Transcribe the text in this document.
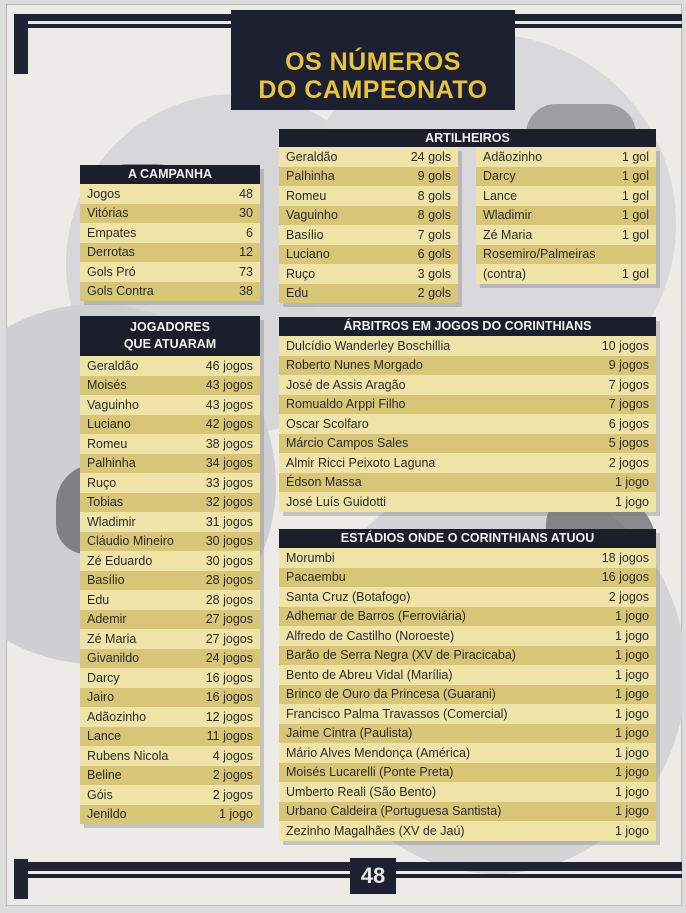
OS NÚMEROS
DO CAMPEONATO
A CAMPANHA
Jogos	48
Vitórias	30
Empates	6
Derrotas	12
Gols Pró	73
Gols Contra	38
ARTILHEIROS
Geraldão	24 gols
Palhinha	9 gols
Romeu	8 gols
Vaguinho	8 gols
Basílio	7 gols
Luciano	6 gols
Ruço	3 gols
Edu	2 gols
Adãozinho	1 gol
Darcy	1 gol
Lance	1 gol
Wladimir	1 gol
Zé Maria	1 gol
Rosemiro/Palmeiras
(contra)	1 gol
JOGADORES
QUE ATUARAM
Geraldão	46 jogos
Moisés	43 jogos
Vaguinho	43 jogos
Luciano	42 jogos
Romeu	38 jogos
Palhinha	34 jogos
Ruço	33 jogos
Tobias	32 jogos
Wladimir	31 jogos
Cláudio Mineiro	30 jogos
Zé Eduardo	30 jogos
Basílio	28 jogos
Edu	28 jogos
Ademir	27 jogos
Zé Maria	27 jogos
Givanildo	24 jogos
Darcy	16 jogos
Jairo	16 jogos
Adãozinho	12 jogos
Lance	11 jogos
Rubens Nicola	4 jogos
Beline	2 jogos
Góis	2 jogos
Jenildo	1 jogo
ÁRBITROS EM JOGOS DO CORINTHIANS
Dulcídio Wanderley Boschillia	10 jogos
Roberto Nunes Morgado	9 jogos
José de Assis Aragão	7 jogos
Romualdo Arppi Filho	7 jogos
Oscar Scolfaro	6 jogos
Márcio Campos Sales	5 jogos
Almir Ricci Peixoto Laguna	2 jogos
Édson Massa	1 jogo
José Luís Guidotti	1 jogo
ESTÁDIOS ONDE O CORINTHIANS ATUOU
Morumbi	18 jogos
Pacaembu	16 jogos
Santa Cruz (Botafogo)	2 jogos
Adhemar de Barros (Ferroviária)	1 jogo
Alfredo de Castilho (Noroeste)	1 jogo
Barão de Serra Negra (XV de Piracicaba)	1 jogo
Bento de Abreu Vidal (Marília)	1 jogo
Brinco de Ouro da Princesa (Guarani)	1 jogo
Francisco Palma Travassos (Comercial)	1 jogo
Jaime Cintra (Paulista)	1 jogo
Mário Alves Mendonça (América)	1 jogo
Moisés Lucarelli (Ponte Preta)	1 jogo
Umberto Reali (São Bento)	1 jogo
Urbano Caldeira (Portuguesa Santista)	1 jogo
Zezinho Magalhães (XV de Jaú)	1 jogo
48
